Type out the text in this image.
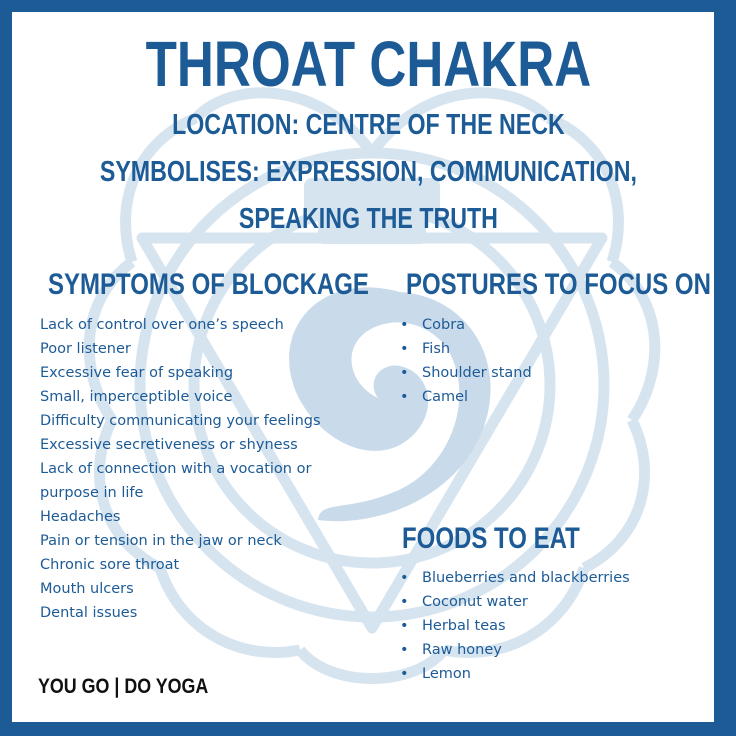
THROAT CHAKRA

LOCATION: CENTRE OF THE NECK

SYMBOLISES: EXPRESSION, COMMUNICATION,

SPEAKING THE TRUTH

SYMPTOMS OF BLOCKAGE
Lack of control over one’s speech
Poor listener
Excessive fear of speaking
Small, imperceptible voice
Difficulty communicating your feelings
Excessive secretiveness or shyness
Lack of connection with a vocation or
purpose in life
Headaches
Pain or tension in the jaw or neck
Chronic sore throat
Mouth ulcers
Dental issues
POSTURES TO FOCUS ON
• Cobra
• Fish
• Shoulder stand
• Camel
FOODS TO EAT
• Blueberries and blackberries
• Coconut water
• Herbal teas
• Raw honey
• Lemon

YOU GO | DO YOGA
